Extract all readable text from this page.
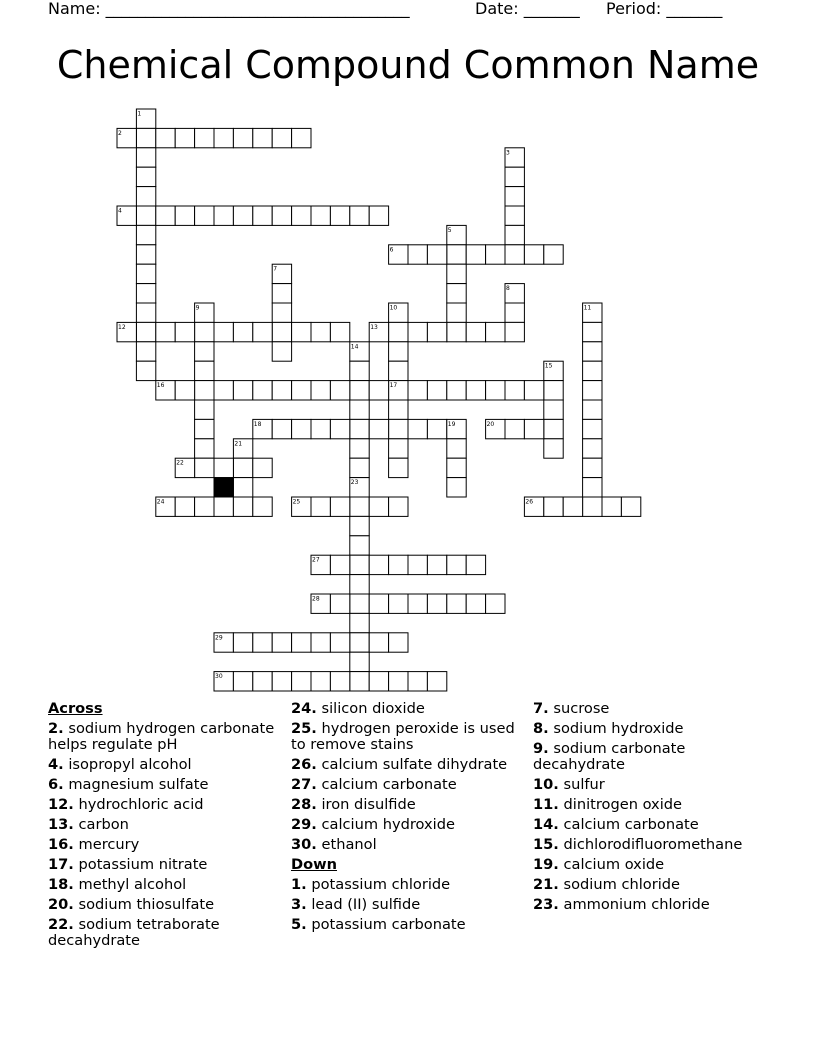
Name: ______________________________________	Date: _______ Period: _______
Chemical Compound Common Name
1
2
3
4
5
6
7
8
9	10	11
12	13
14
15
16	17
18	19	20
21
22
23
24	25	26
27
28
29
30
Across
2. sodium hydrogen carbonate helps regulate pH
4. isopropyl alcohol
6. magnesium sulfate
12. hydrochloric acid
13. carbon
16. mercury
17. potassium nitrate
18. methyl alcohol
20. sodium thiosulfate
22. sodium tetraborate decahydrate
24. silicon dioxide
25. hydrogen peroxide is used to remove stains
26. calcium sulfate dihydrate
27. calcium carbonate
28. iron disulfide
29. calcium hydroxide
30. ethanol
Down
1. potassium chloride
3. lead (II) sulfide
5. potassium carbonate
7. sucrose
8. sodium hydroxide
9. sodium carbonate decahydrate
10. sulfur
11. dinitrogen oxide
14. calcium carbonate
15. dichlorodifluoromethane
19. calcium oxide
21. sodium chloride
23. ammonium chloride
